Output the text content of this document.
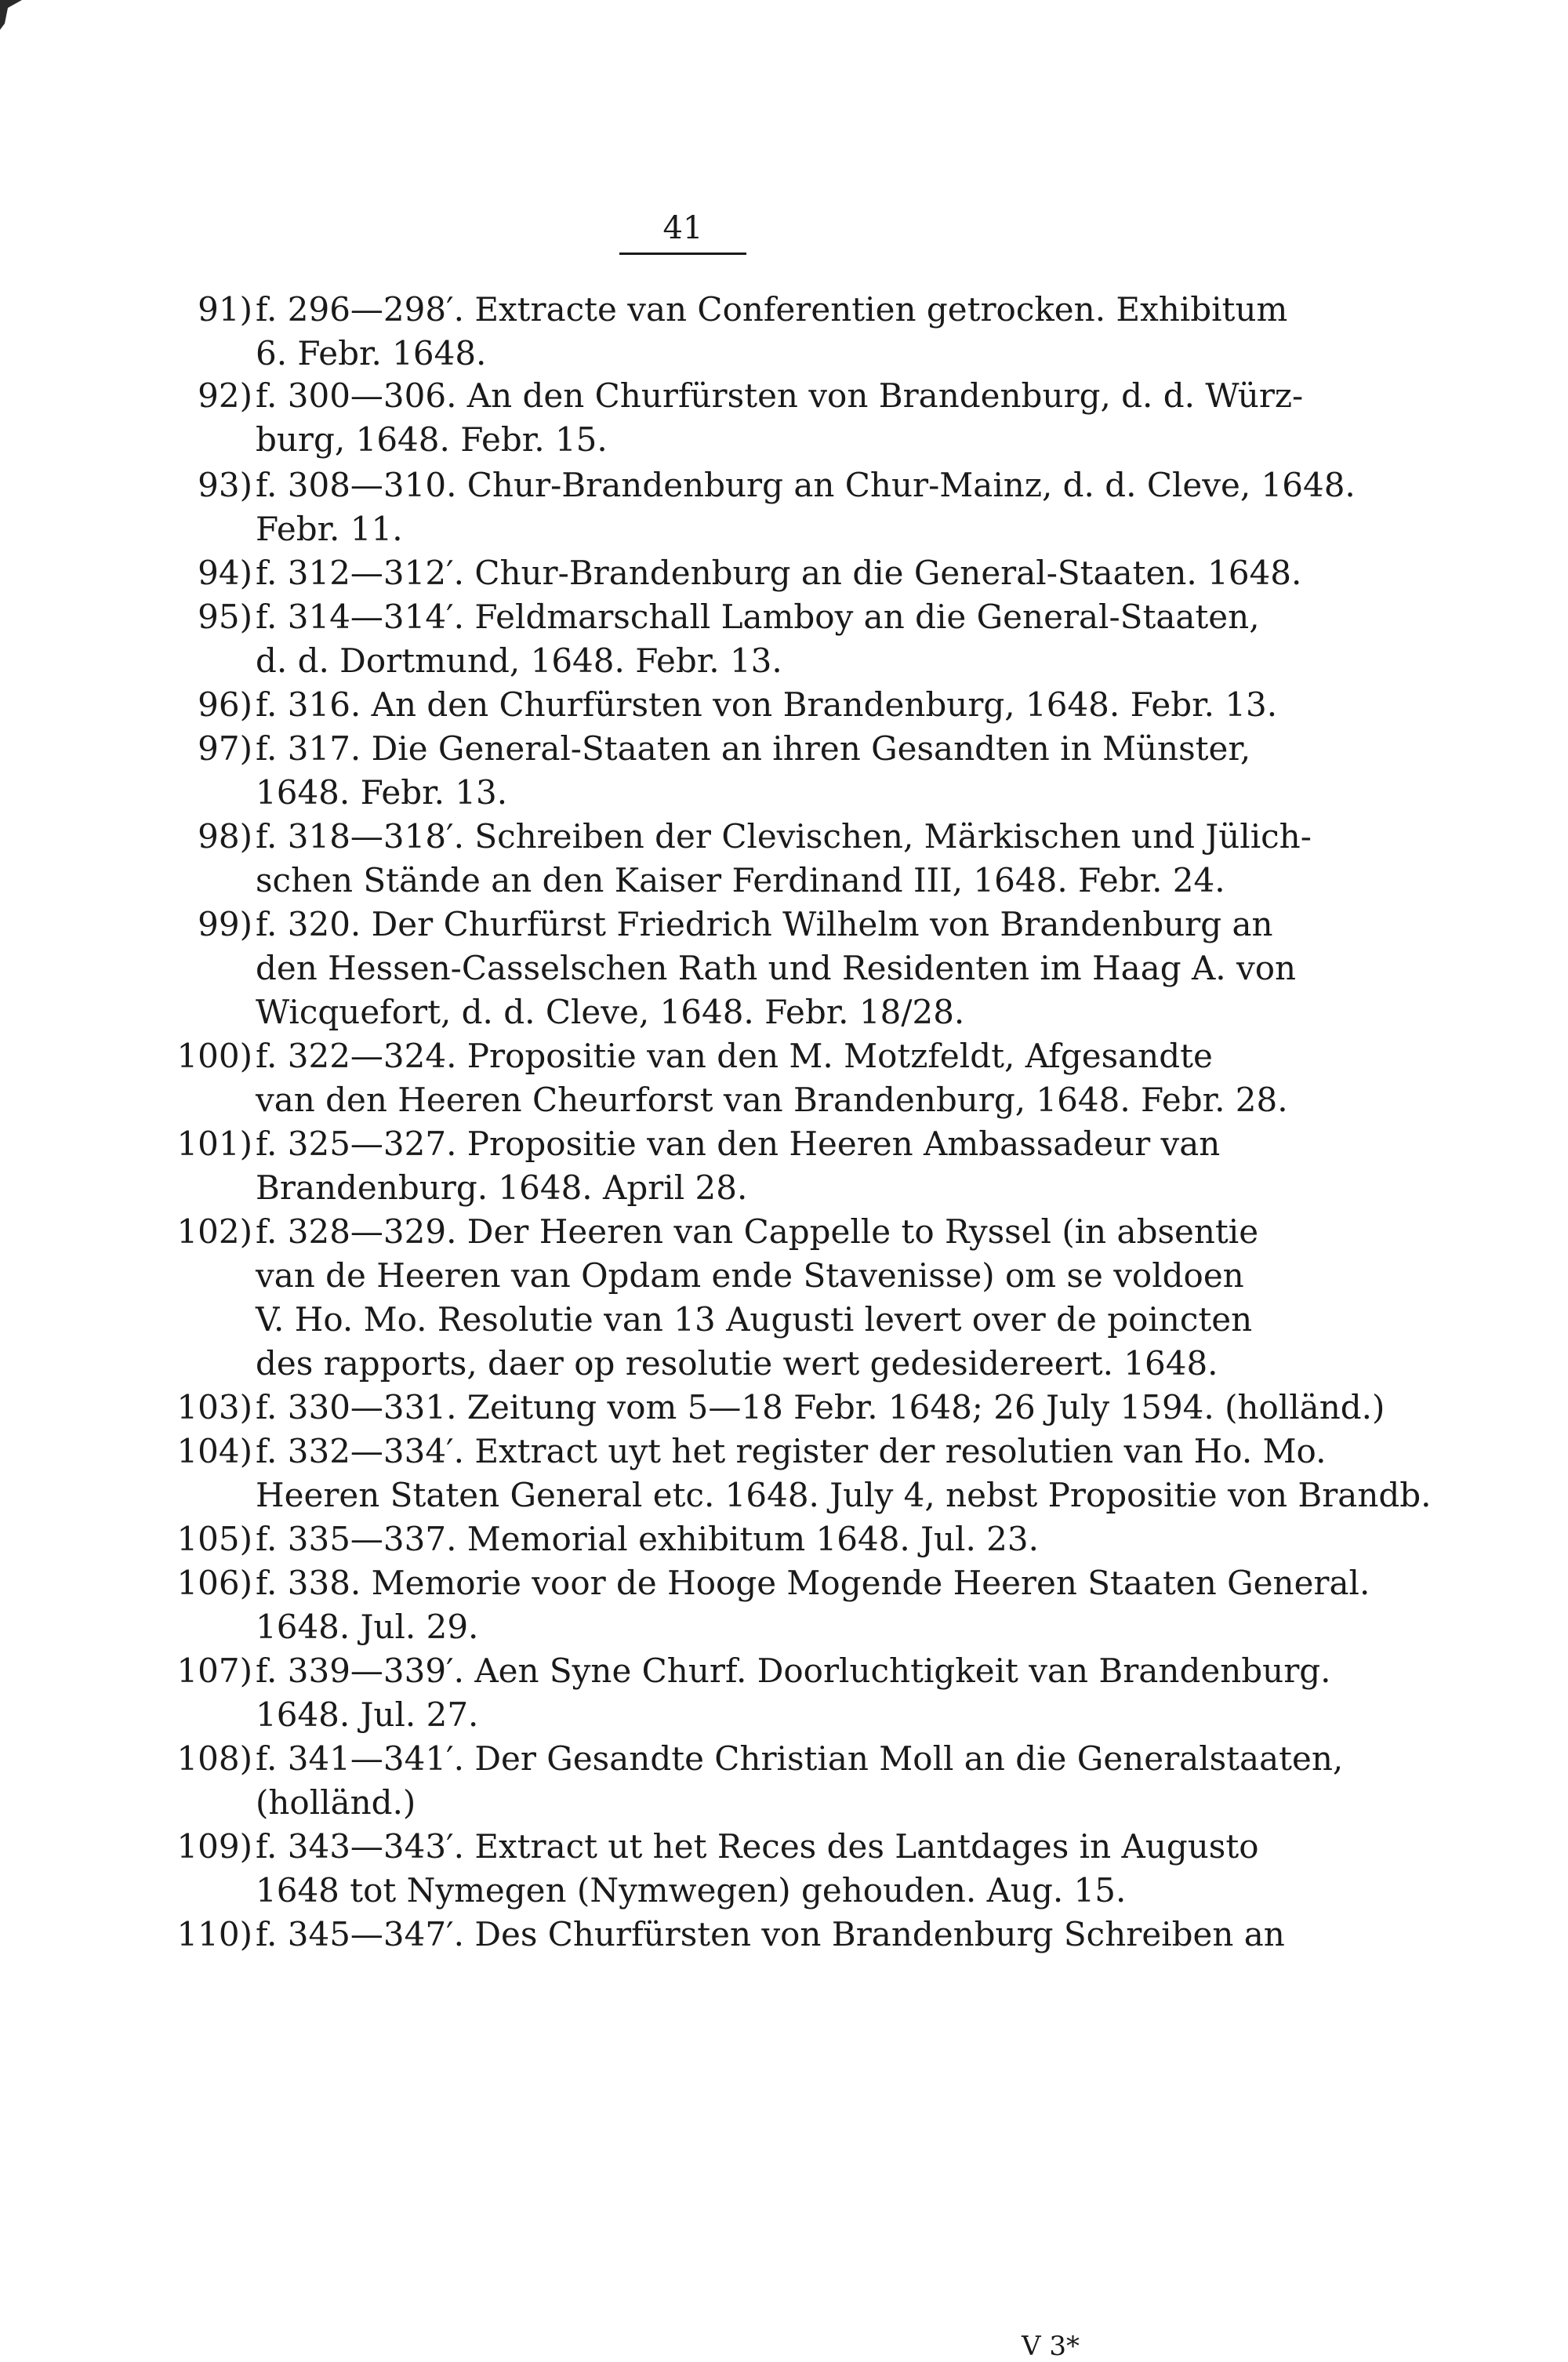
41
91) f. 296—298′. Extracte van Conferentien getrocken. Exhibitum
6. Febr. 1648.
92) f. 300—306. An den Churfürsten von Brandenburg, d. d. Würz-
burg, 1648. Febr. 15.
93) f. 308—310. Chur-Brandenburg an Chur-Mainz, d. d. Cleve, 1648.
Febr. 11.
94) f. 312—312′. Chur-Brandenburg an die General-Staaten. 1648.
95) f. 314—314′. Feldmarschall Lamboy an die General-Staaten,
d. d. Dortmund, 1648. Febr. 13.
96) f. 316. An den Churfürsten von Brandenburg, 1648. Febr. 13.
97) f. 317. Die General-Staaten an ihren Gesandten in Münster,
1648. Febr. 13.
98) f. 318—318′. Schreiben der Clevischen, Märkischen und Jülich-
schen Stände an den Kaiser Ferdinand III, 1648. Febr. 24.
99) f. 320. Der Churfürst Friedrich Wilhelm von Brandenburg an
den Hessen-Casselschen Rath und Residenten im Haag A. von
Wicquefort, d. d. Cleve, 1648. Febr. 18/28.
100) f. 322—324. Propositie van den M. Motzfeldt, Afgesandte
van den Heeren Cheurforst van Brandenburg, 1648. Febr. 28.
101) f. 325—327. Propositie van den Heeren Ambassadeur van
Brandenburg. 1648. April 28.
102) f. 328—329. Der Heeren van Cappelle to Ryssel (in absentie
van de Heeren van Opdam ende Stavenisse) om se voldoen
V. Ho. Mo. Resolutie van 13 Augusti levert over de poincten
des rapports, daer op resolutie wert gedesidereert. 1648.
103) f. 330—331. Zeitung vom 5—18 Febr. 1648; 26 July 1594. (holländ.)
104) f. 332—334′. Extract uyt het register der resolutien van Ho. Mo.
Heeren Staten General etc. 1648. July 4, nebst Propositie von Brandb.
105) f. 335—337. Memorial exhibitum 1648. Jul. 23.
106) f. 338. Memorie voor de Hooge Mogende Heeren Staaten General.
1648. Jul. 29.
107) f. 339—339′. Aen Syne Churf. Doorluchtigkeit van Brandenburg.
1648. Jul. 27.
108) f. 341—341′. Der Gesandte Christian Moll an die Generalstaaten,
(holländ.)
109) f. 343—343′. Extract ut het Reces des Lantdages in Augusto
1648 tot Nymegen (Nymwegen) gehouden. Aug. 15.
110) f. 345—347′. Des Churfürsten von Brandenburg Schreiben an
V 3*
